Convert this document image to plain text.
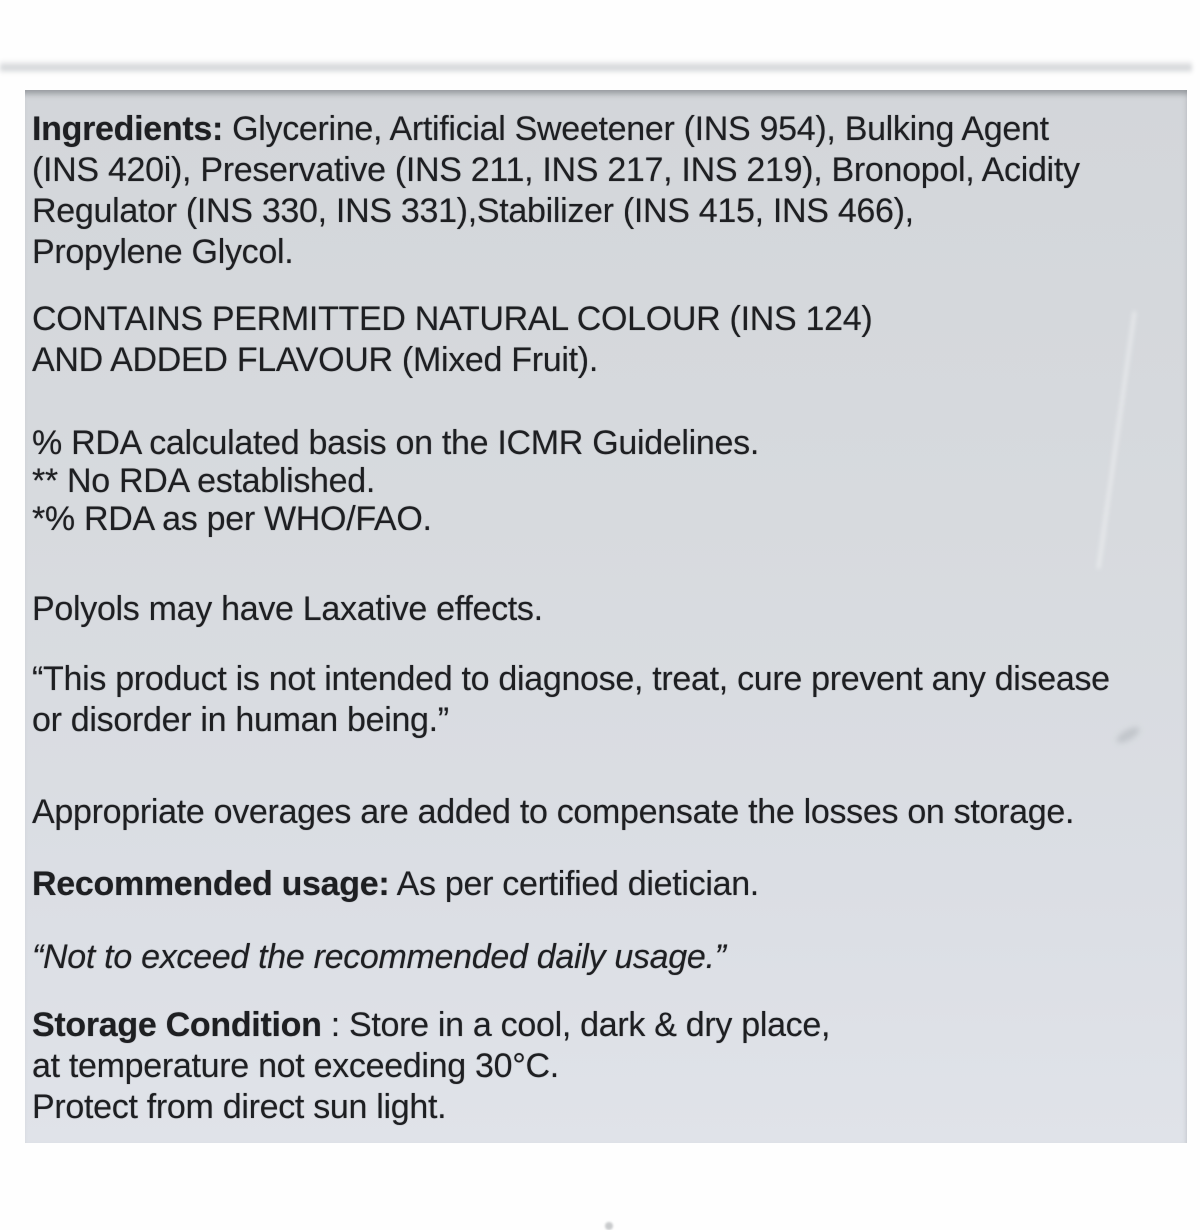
Ingredients: Glycerine, Artificial Sweetener (INS 954), Bulking Agent
(INS 420i), Preservative (INS 211, INS 217, INS 219), Bronopol, Acidity
Regulator (INS 330, INS 331),Stabilizer (INS 415, INS 466),
Propylene Glycol.
CONTAINS PERMITTED NATURAL COLOUR (INS 124)
AND ADDED FLAVOUR (Mixed Fruit).
% RDA calculated basis on the ICMR Guidelines.
** No RDA established.
*% RDA as per WHO/FAO.
Polyols may have Laxative effects.
“This product is not intended to diagnose, treat, cure prevent any disease
or disorder in human being.”
Appropriate overages are added to compensate the losses on storage.
Recommended usage: As per certified dietician.
“Not to exceed the recommended daily usage.”
Storage Condition : Store in a cool, dark & dry place,
at temperature not exceeding 30°C.
Protect from direct sun light.
